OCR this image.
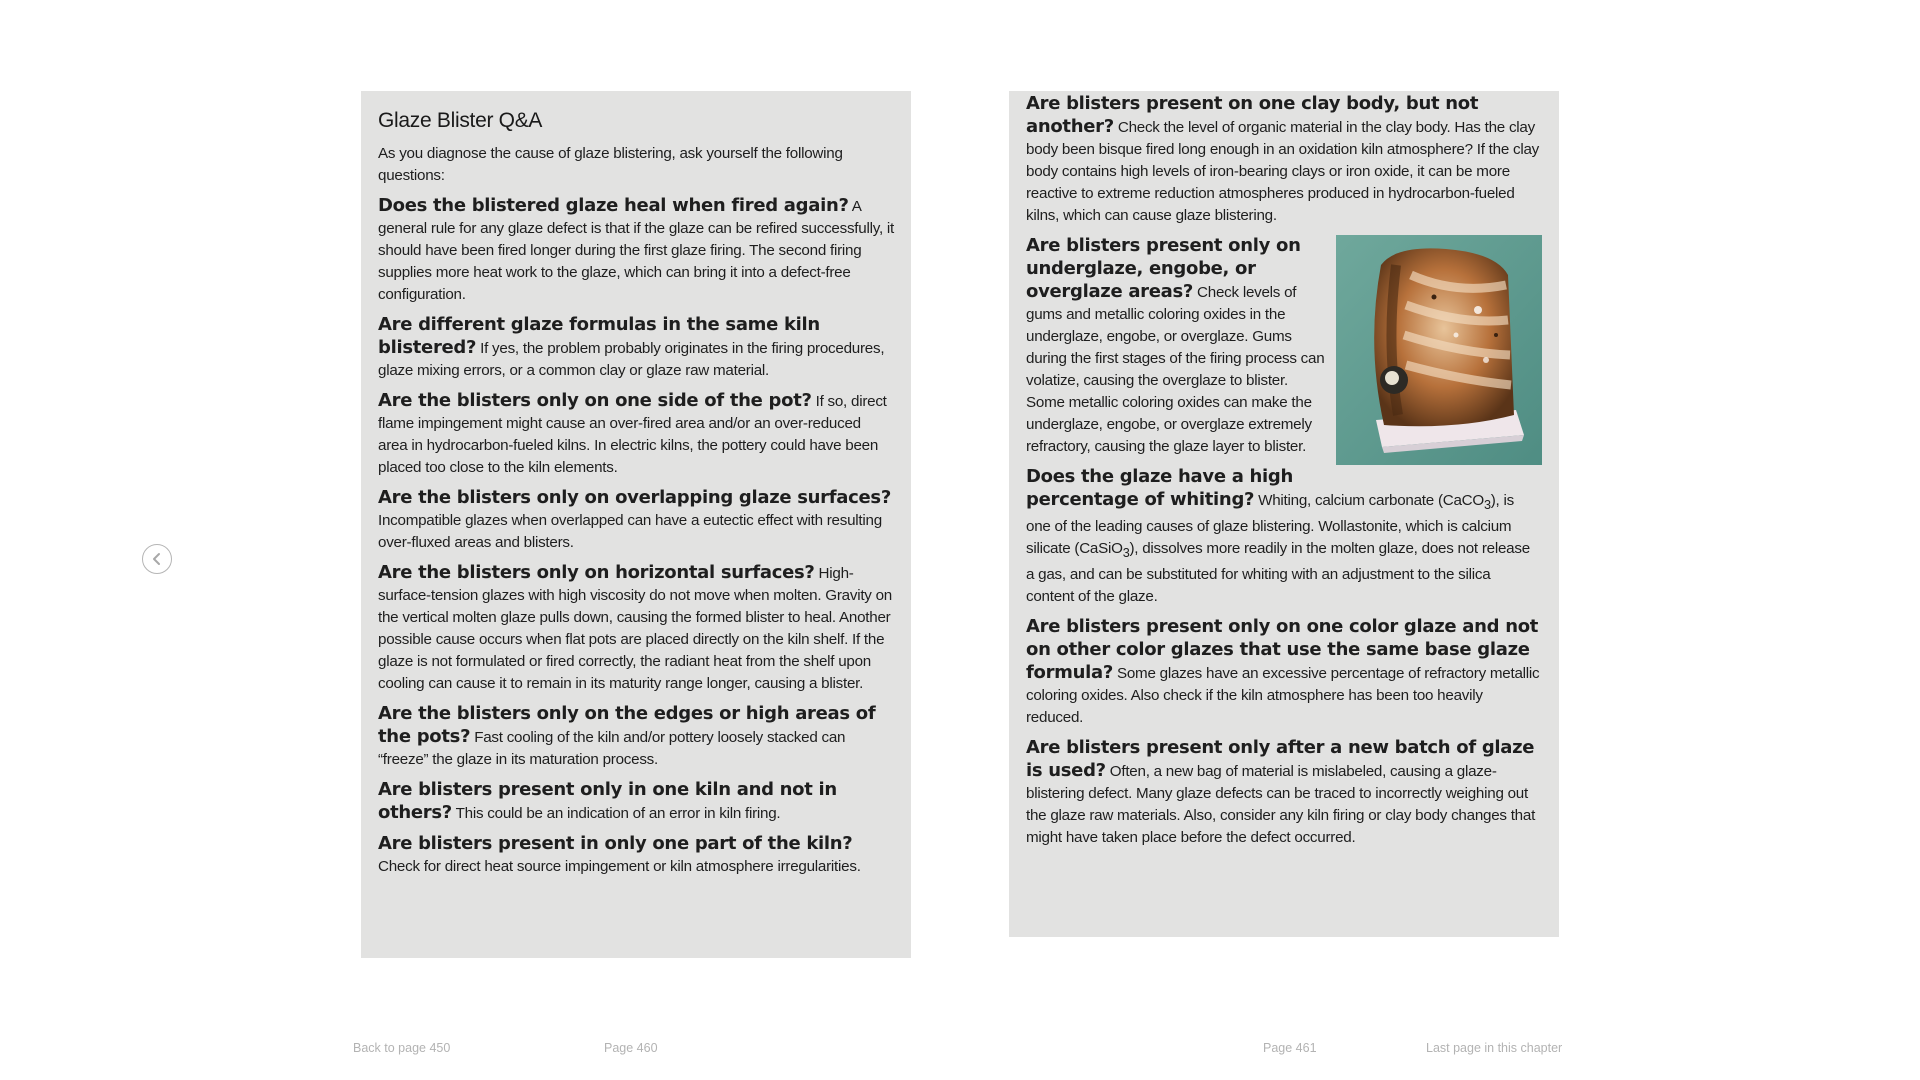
Glaze Blister Q&A

As you diagnose the cause of glaze blistering, ask yourself the following questions:

Does the blistered glaze heal when fired again? A general rule for any glaze defect is that if the glaze can be refired successfully, it should have been fired longer during the first glaze firing. The second firing supplies more heat work to the glaze, which can bring it into a defect-free configuration.

Are different glaze formulas in the same kiln blistered? If yes, the problem probably originates in the firing procedures, glaze mixing errors, or a common clay or glaze raw material.

Are the blisters only on one side of the pot? If so, direct flame impingement might cause an over-fired area and/or an over-reduced area in hydrocarbon-fueled kilns. In electric kilns, the pottery could have been placed too close to the kiln elements.

Are the blisters only on overlapping glaze surfaces? Incompatible glazes when overlapped can have a eutectic effect with resulting over-fluxed areas and blisters.

Are the blisters only on horizontal surfaces? High-surface-tension glazes with high viscosity do not move when molten. Gravity on the vertical molten glaze pulls down, causing the formed blister to heal. Another possible cause occurs when flat pots are placed directly on the kiln shelf. If the glaze is not formulated or fired correctly, the radiant heat from the shelf upon cooling can cause it to remain in its maturity range longer, causing a blister.

Are the blisters only on the edges or high areas of the pots? Fast cooling of the kiln and/or pottery loosely stacked can “freeze” the glaze in its maturation process.

Are blisters present only in one kiln and not in others? This could be an indication of an error in kiln firing.

Are blisters present in only one part of the kiln? Check for direct heat source impingement or kiln atmosphere irregularities.

Are blisters present on one clay body, but not another? Check the level of organic material in the clay body. Has the clay body been bisque fired long enough in an oxidation kiln atmosphere? If the clay body contains high levels of iron-bearing clays or iron oxide, it can be more reactive to extreme reduction atmospheres produced in hydrocarbon-fueled kilns, which can cause glaze blistering.

Are blisters present only on underglaze, engobe, or overglaze areas? Check levels of gums and metallic coloring oxides in the underglaze, engobe, or overglaze. Gums during the first stages of the firing process can volatize, causing the overglaze to blister. Some metallic coloring oxides can make the underglaze, engobe, or overglaze extremely refractory, causing the glaze layer to blister.

Does the glaze have a high percentage of whiting? Whiting, calcium carbonate (CaCO$_3$), is one of the leading causes of glaze blistering. Wollastonite, which is calcium silicate (CaSiO$_3$), dissolves more readily in the molten glaze, does not release a gas, and can be substituted for whiting with an adjustment to the silica content of the glaze.

Are blisters present only on one color glaze and not on other color glazes that use the same base glaze formula? Some glazes have an excessive percentage of refractory metallic coloring oxides. Also check if the kiln atmosphere has been too heavily reduced.

Are blisters present only after a new batch of glaze is used? Often, a new bag of material is mislabeled, causing a glaze-blistering defect. Many glaze defects can be traced to incorrectly weighing out the glaze raw materials. Also, consider any kiln firing or clay body changes that might have taken place before the defect occurred.

Back to page 450	Page 460	Page 461	Last page in this chapter
